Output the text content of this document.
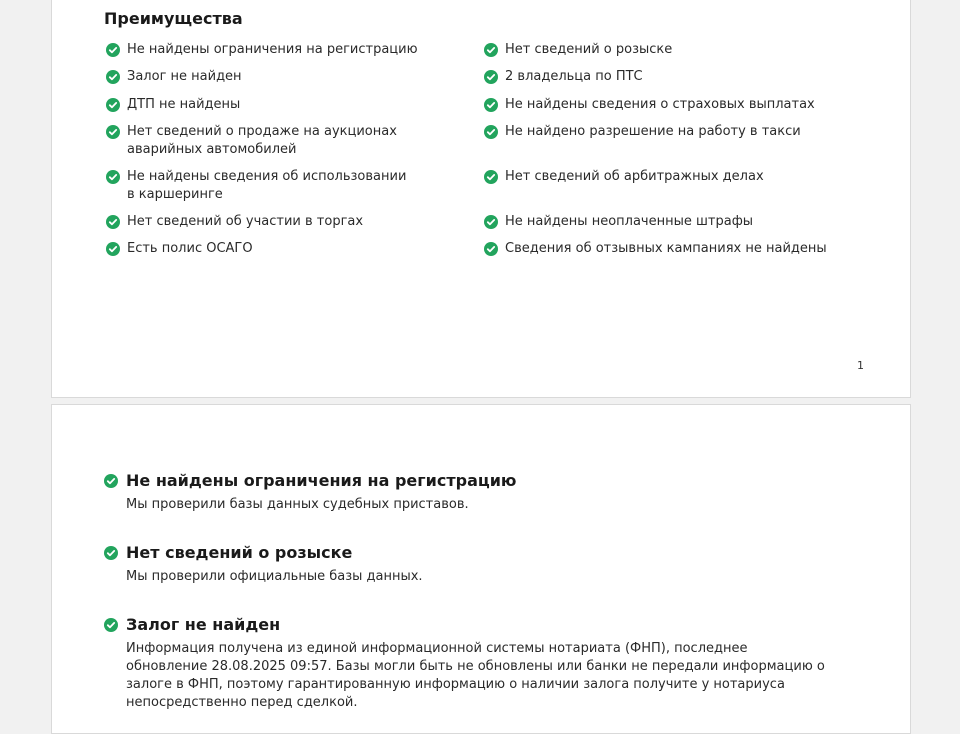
Преимущества
Не найдены ограничения на регистрацию
Залог не найден
ДТП не найдены
Нет сведений о продаже на аукционах аварийных автомобилей
Не найдены сведения об использовании в каршеринге
Нет сведений об участии в торгах
Есть полис ОСАГО
Нет сведений о розыске
2 владельца по ПТС
Не найдены сведения о страховых выплатах
Не найдено разрешение на работу в такси
Нет сведений об арбитражных делах
Не найдены неоплаченные штрафы
Сведения об отзывных кампаниях не найдены
1
Не найдены ограничения на регистрацию

Мы проверили базы данных судебных приставов.

Нет сведений о розыске

Мы проверили официальные базы данных.

Залог не найден

Информация получена из единой информационной системы нотариата (ФНП), последнее обновление 28.08.2025 09:57. Базы могли быть не обновлены или банки не передали информацию о залоге в ФНП, поэтому гарантированную информацию о наличии залога получите у нотариуса непосредственно перед сделкой.
